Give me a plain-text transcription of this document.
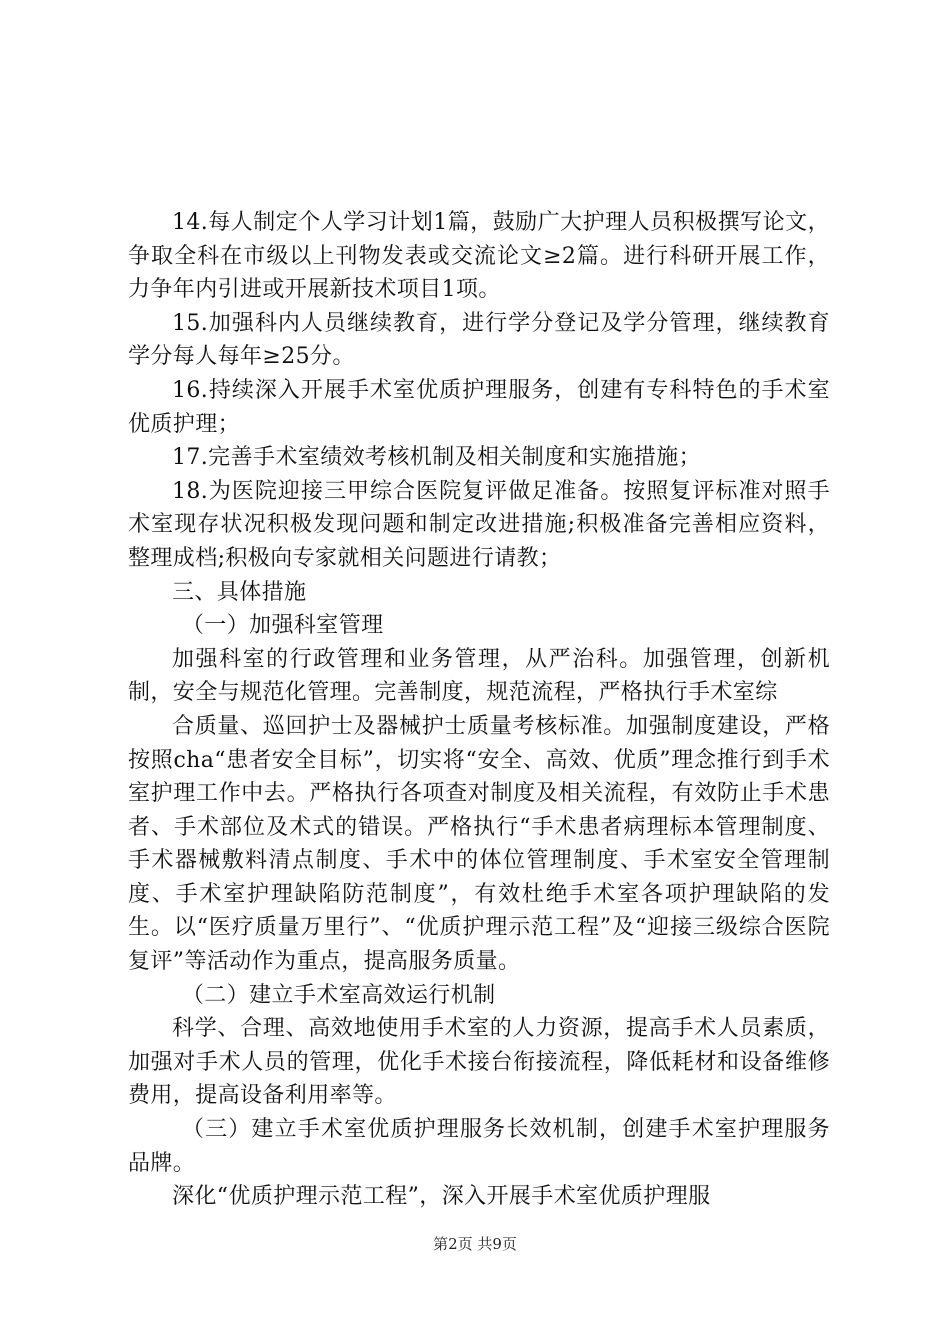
14.每人制定个人学习计划1篇，鼓励广大护理人员积极撰写论文，争取全科在市级以上刊物发表或交流论文≥2篇。进行科研开展工作，力争年内引进或开展新技术项目1项。

15.加强科内人员继续教育，进行学分登记及学分管理，继续教育学分每人每年≥25分。

16.持续深入开展手术室优质护理服务，创建有专科特色的手术室优质护理；

17.完善手术室绩效考核机制及相关制度和实施措施；

18.为医院迎接三甲综合医院复评做足准备。按照复评标准对照手术室现存状况积极发现问题和制定改进措施;积极准备完善相应资料，整理成档;积极向专家就相关问题进行请教；

三、具体措施

（一）加强科室管理

加强科室的行政管理和业务管理，从严治科。加强管理，创新机制，安全与规范化管理。完善制度，规范流程，严格执行手术室综

合质量、巡回护士及器械护士质量考核标准。加强制度建设，严格按照cha“患者安全目标”，切实将“安全、高效、优质”理念推行到手术室护理工作中去。严格执行各项查对制度及相关流程，有效防止手术患者、手术部位及术式的错误。严格执行“手术患者病理标本管理制度、手术器械敷料清点制度、手术中的体位管理制度、手术室安全管理制度、手术室护理缺陷防范制度”，有效杜绝手术室各项护理缺陷的发生。以“医疗质量万里行”、“优质护理示范工程”及“迎接三级综合医院复评”等活动作为重点，提高服务质量。

（二）建立手术室高效运行机制

科学、合理、高效地使用手术室的人力资源，提高手术人员素质，加强对手术人员的管理，优化手术接台衔接流程，降低耗材和设备维修费用，提高设备利用率等。

（三）建立手术室优质护理服务长效机制，创建手术室护理服务品牌。

深化“优质护理示范工程”，深入开展手术室优质护理服

第2页 共9页
